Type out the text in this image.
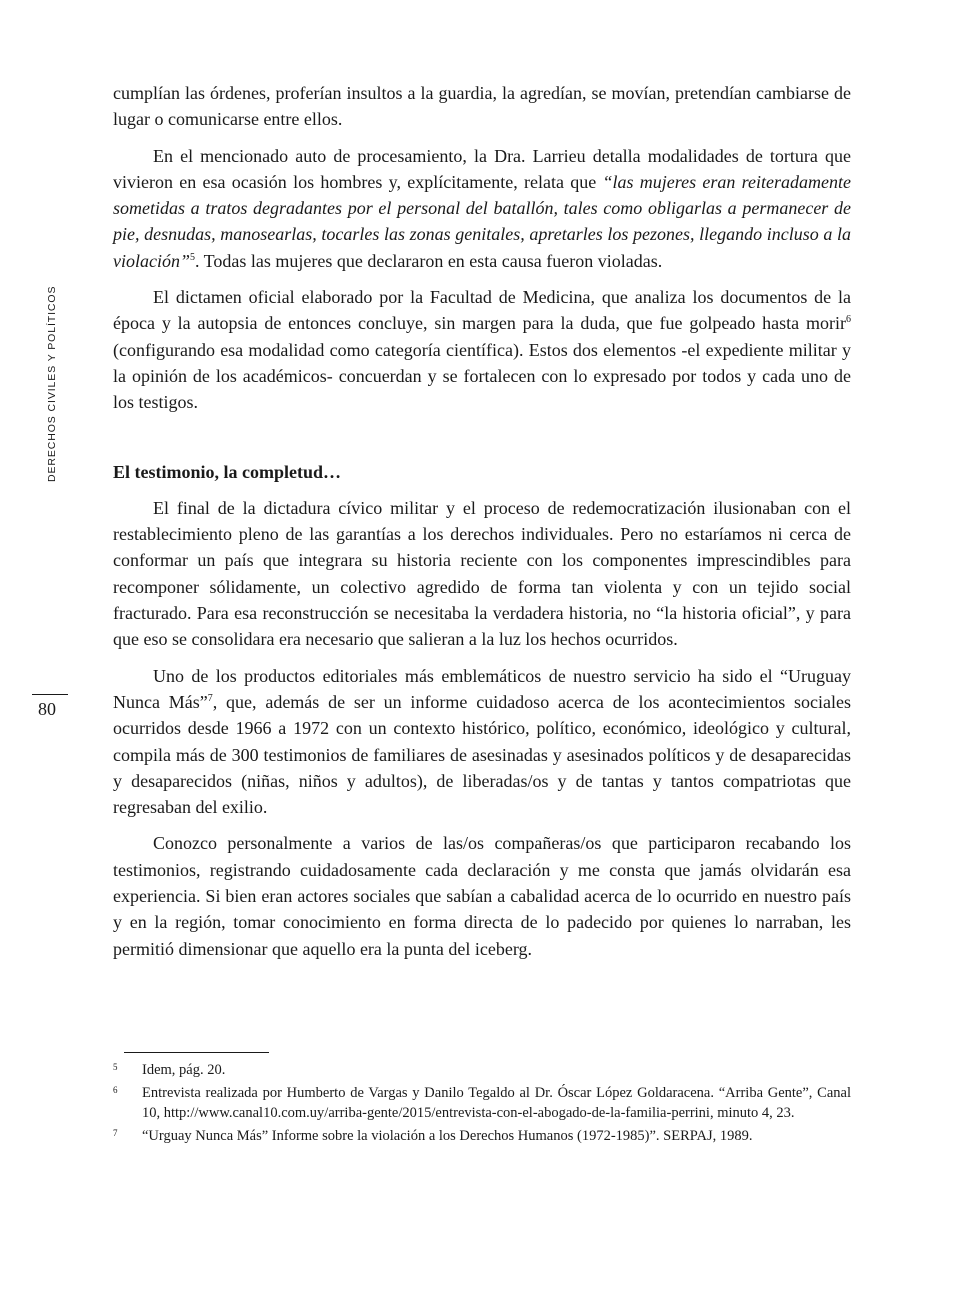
DERECHOS CIVILES Y POLÍTICOS
80

cumplían las órdenes, proferían insultos a la guardia, la agredían, se movían, pretendían cambiarse de lugar o comunicarse entre ellos.

En el mencionado auto de procesamiento, la Dra. Larrieu detalla modalidades de tortura que vivieron en esa ocasión los hombres y, explícitamente, relata que “las mujeres eran reiteradamente sometidas a tratos degradantes por el personal del batallón, tales como obligarlas a permanecer de pie, desnudas, manosearlas, tocarles las zonas genitales, apretarles los pezones, llegando incluso a la violación”$^5$. Todas las mujeres que declararon en esta causa fueron violadas.

El dictamen oficial elaborado por la Facultad de Medicina, que analiza los documentos de la época y la autopsia de entonces concluye, sin margen para la duda, que fue golpeado hasta morir$^6$ (configurando esa modalidad como categoría científica). Estos dos elementos -el expediente militar y la opinión de los académicos- concuerdan y se fortalecen con lo expresado por todos y cada uno de los testigos.

El testimonio, la completud…

El final de la dictadura cívico militar y el proceso de redemocratización ilusionaban con el restablecimiento pleno de las garantías a los derechos individuales. Pero no estaríamos ni cerca de conformar un país que integrara su historia reciente con los componentes imprescindibles para recomponer sólidamente, un colectivo agredido de forma tan violenta y con un tejido social fracturado. Para esa reconstrucción se necesitaba la verdadera historia, no “la historia oficial”, y para que eso se consolidara era necesario que salieran a la luz los hechos ocurridos.

Uno de los productos editoriales más emblemáticos de nuestro servicio ha sido el “Uruguay Nunca Más”$^7$, que, además de ser un informe cuidadoso acerca de los acontecimientos sociales ocurridos desde 1966 a 1972 con un contexto histórico, político, económico, ideológico y cultural, compila más de 300 testimonios de familiares de asesinadas y asesinados políticos y de desaparecidas y desaparecidos (niñas, niños y adultos), de liberadas/os y de tantas y tantos compatriotas que regresaban del exilio.

Conozco personalmente a varios de las/os compañeras/os que participaron recabando los testimonios, registrando cuidadosamente cada declaración y me consta que jamás olvidarán esa experiencia. Si bien eran actores sociales que sabían a cabalidad acerca de lo ocurrido en nuestro país y en la región, tomar conocimiento en forma directa de lo padecido por quienes lo narraban, les permitió dimensionar que aquello era la punta del iceberg.

5 Idem, pág. 20.
6 Entrevista realizada por Humberto de Vargas y Danilo Tegaldo al Dr. Óscar López Goldaracena. “Arriba Gente”, Canal 10, http://www.canal10.com.uy/arriba-gente/2015/entrevista-con-el-abogado-de-la-familia-perrini, minuto 4, 23.
7 “Urguay Nunca Más” Informe sobre la violación a los Derechos Humanos (1972-1985)”. SERPAJ, 1989.
